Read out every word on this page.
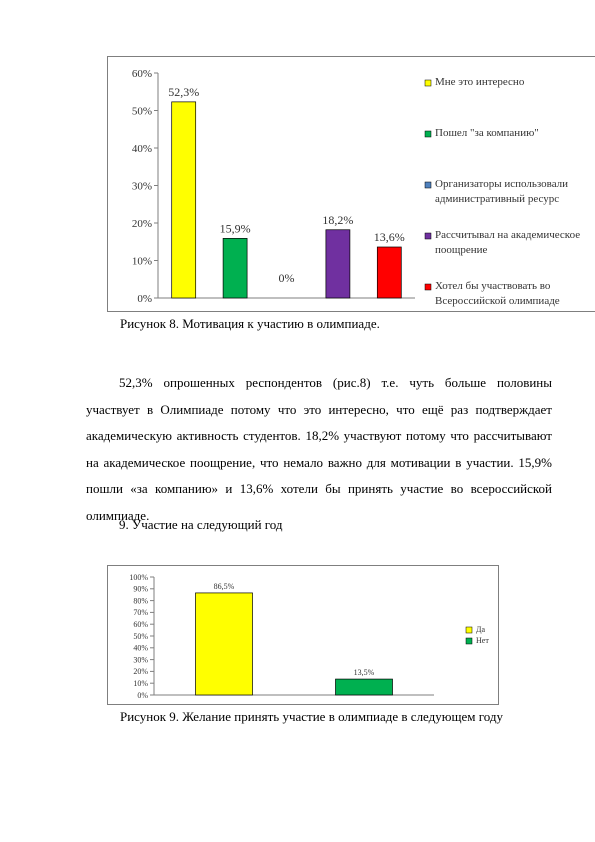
0%
10%
20%
30%
40%
50%
60%
52,3%
15,9%
0%
18,2%
13,6%
Мне это интересно
Пошел "за компанию"
Организаторы использовали
административный ресурс
Рассчитывал на академическое
поощрение
Хотел бы участвовать во
Всероссийской олимпиаде
Рисунок 8. Мотивация к участию в олимпиаде.
52,3% опрошенных респондентов (рис.8) т.е. чуть больше половины участвует в Олимпиаде потому что это интересно, что ещё раз подтверждает академическую активность студентов. 18,2% участвуют потому что рассчитывают на академическое поощрение, что немало важно для мотивации в участии. 15,9% пошли «за компанию» и 13,6% хотели бы принять участие во всероссийской олимпиаде.
9. Участие на следующий год
0%
10%
20%
30%
40%
50%
60%
70%
80%
90%
100%
86,5%
13,5%
Да
Нет
Рисунок 9. Желание принять участие в олимпиаде в следующем году
